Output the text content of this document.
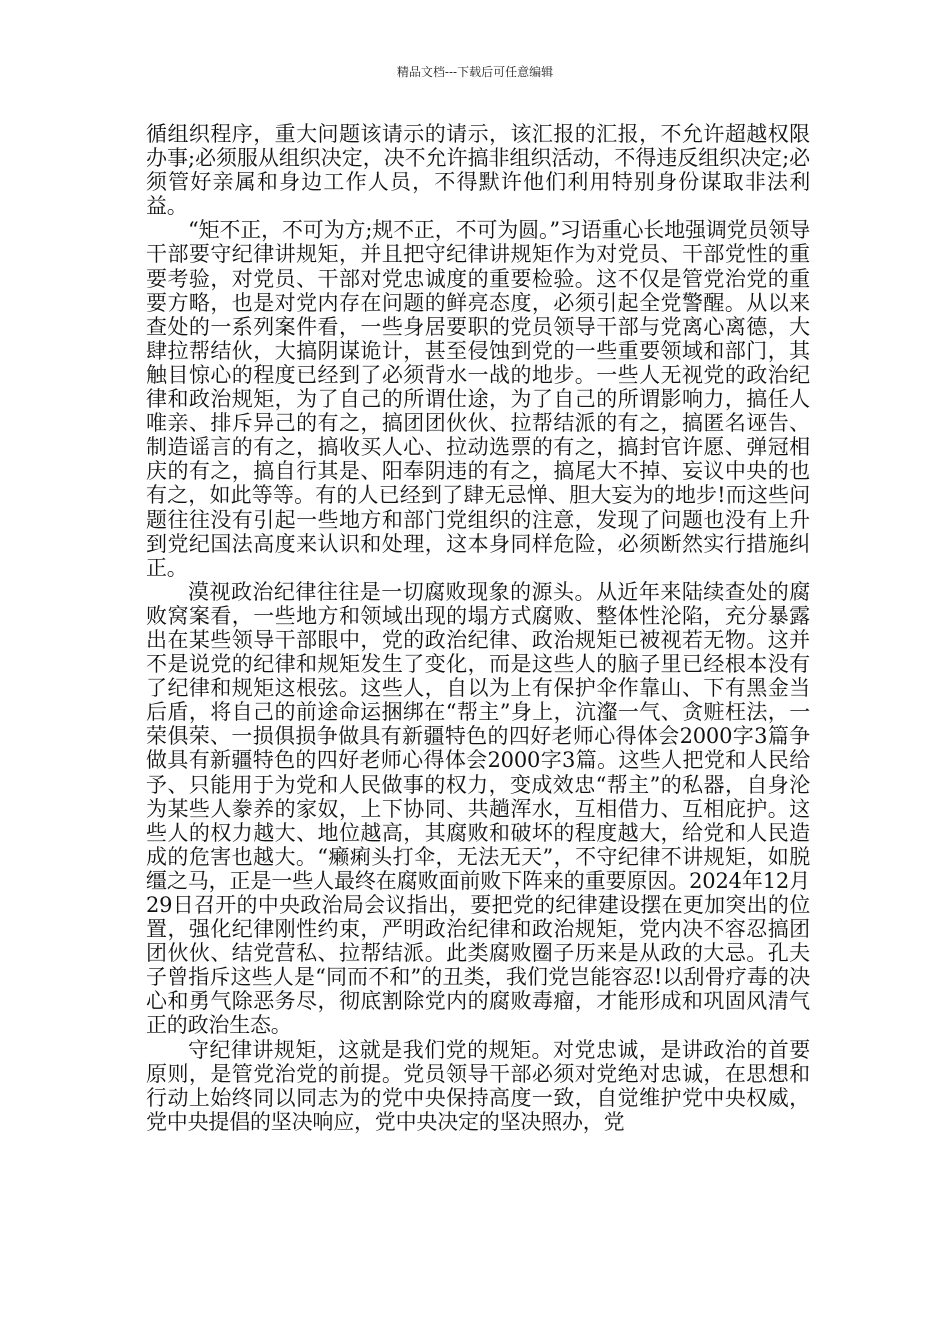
精品文档---下载后可任意编辑

循组织程序，重大问题该请示的请示，该汇报的汇报，不允许超越权限办事;必须服从组织决定，决不允许搞非组织活动，不得违反组织决定;必须管好亲属和身边工作人员，不得默许他们利用特别身份谋取非法利益。

“矩不正，不可为方;规不正，不可为圆。”习语重心长地强调党员领导干部要守纪律讲规矩，并且把守纪律讲规矩作为对党员、干部党性的重要考验，对党员、干部对党忠诚度的重要检验。这不仅是管党治党的重要方略，也是对党内存在问题的鲜亮态度，必须引起全党警醒。从以来查处的一系列案件看，一些身居要职的党员领导干部与党离心离德，大肆拉帮结伙，大搞阴谋诡计，甚至侵蚀到党的一些重要领域和部门，其触目惊心的程度已经到了必须背水一战的地步。一些人无视党的政治纪律和政治规矩，为了自己的所谓仕途，为了自己的所谓影响力，搞任人唯亲、排斥异己的有之，搞团团伙伙、拉帮结派的有之，搞匿名诬告、制造谣言的有之，搞收买人心、拉动选票的有之，搞封官许愿、弹冠相庆的有之，搞自行其是、阳奉阴违的有之，搞尾大不掉、妄议中央的也有之，如此等等。有的人已经到了肆无忌惮、胆大妄为的地步!而这些问题往往没有引起一些地方和部门党组织的注意，发现了问题也没有上升到党纪国法高度来认识和处理，这本身同样危险，必须断然实行措施纠正。

漠视政治纪律往往是一切腐败现象的源头。从近年来陆续查处的腐败窝案看，一些地方和领域出现的塌方式腐败、整体性沦陷，充分暴露出在某些领导干部眼中，党的政治纪律、政治规矩已被视若无物。这并不是说党的纪律和规矩发生了变化，而是这些人的脑子里已经根本没有了纪律和规矩这根弦。这些人，自以为上有保护伞作靠山、下有黑金当后盾，将自己的前途命运捆绑在“帮主”身上，沆瀣一气、贪赃枉法，一荣俱荣、一损俱损争做具有新疆特色的四好老师心得体会2000字3篇争做具有新疆特色的四好老师心得体会2000字3篇。这些人把党和人民给予、只能用于为党和人民做事的权力，变成效忠“帮主”的私器，自身沦为某些人豢养的家奴，上下协同、共趟浑水，互相借力、互相庇护。这些人的权力越大、地位越高，其腐败和破坏的程度越大，给党和人民造成的危害也越大。“癞痢头打伞，无法无天”，不守纪律不讲规矩，如脱缰之马，正是一些人最终在腐败面前败下阵来的重要原因。2024年12月29日召开的中央政治局会议指出，要把党的纪律建设摆在更加突出的位置，强化纪律刚性约束，严明政治纪律和政治规矩，党内决不容忍搞团团伙伙、结党营私、拉帮结派。此类腐败圈子历来是从政的大忌。孔夫子曾指斥这些人是“同而不和”的丑类，我们党岂能容忍!以刮骨疗毒的决心和勇气除恶务尽，彻底割除党内的腐败毒瘤，才能形成和巩固风清气正的政治生态。

守纪律讲规矩，这就是我们党的规矩。对党忠诚，是讲政治的首要原则，是管党治党的前提。党员领导干部必须对党绝对忠诚，在思想和行动上始终同以同志为的党中央保持高度一致，自觉维护党中央权威，党中央提倡的坚决响应，党中央决定的坚决照办，党
